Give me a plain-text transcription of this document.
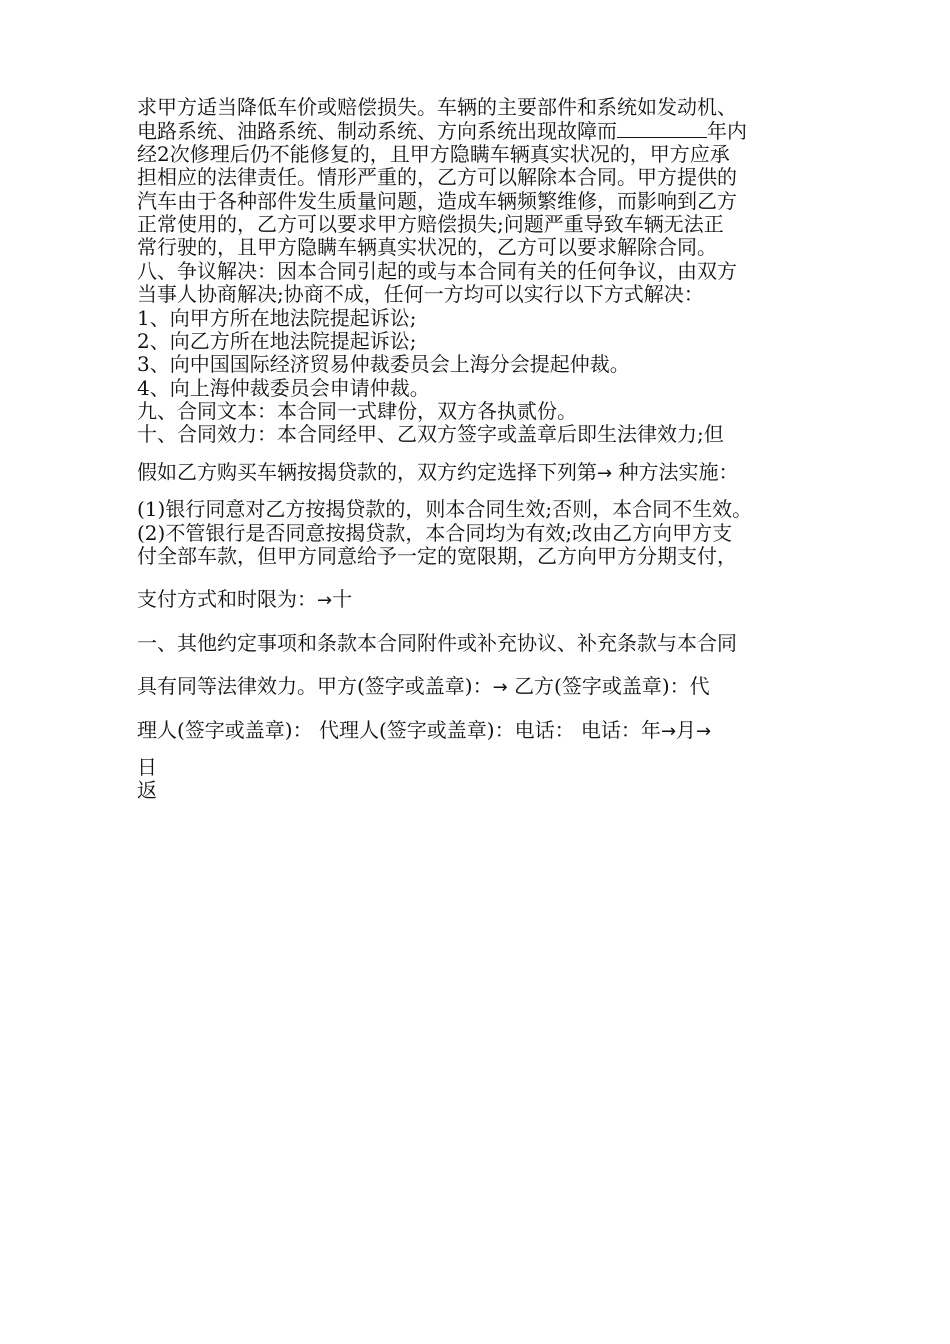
求甲方适当降低车价或赔偿损失。车辆的主要部件和系统如发动机、
电路系统、油路系统、制动系统、方向系统出现故障而	年内
经2次修理后仍不能修复的，且甲方隐瞒车辆真实状况的，甲方应承
担相应的法律责任。情形严重的，乙方可以解除本合同。甲方提供的
汽车由于各种部件发生质量问题，造成车辆频繁维修，而影响到乙方
正常使用的，乙方可以要求甲方赔偿损失;问题严重导致车辆无法正
常行驶的，且甲方隐瞒车辆真实状况的，乙方可以要求解除合同。
八、争议解决：因本合同引起的或与本合同有关的任何争议，由双方
当事人协商解决;协商不成，任何一方均可以实行以下方式解决：
1、向甲方所在地法院提起诉讼;
2、向乙方所在地法院提起诉讼;
3、向中国国际经济贸易仲裁委员会上海分会提起仲裁。
4、向上海仲裁委员会申请仲裁。
九、合同文本：本合同一式肆份，双方各执贰份。
十、合同效力：本合同经甲、乙双方签字或盖章后即生法律效力;但
假如乙方购买车辆按揭贷款的，双方约定选择下列第→ 种方法实施：
(1)银行同意对乙方按揭贷款的，则本合同生效;否则，本合同不生效。
(2)不管银行是否同意按揭贷款，本合同均为有效;改由乙方向甲方支
付全部车款，但甲方同意给予一定的宽限期，乙方向甲方分期支付，
支付方式和时限为：→十
一、其他约定事项和条款本合同附件或补充协议、补充条款与本合同
具有同等法律效力。甲方(签字或盖章)：→ 乙方(签字或盖章)：代
理人(签字或盖章)： 代理人(签字或盖章)：电话： 电话：年→月→
日
返
